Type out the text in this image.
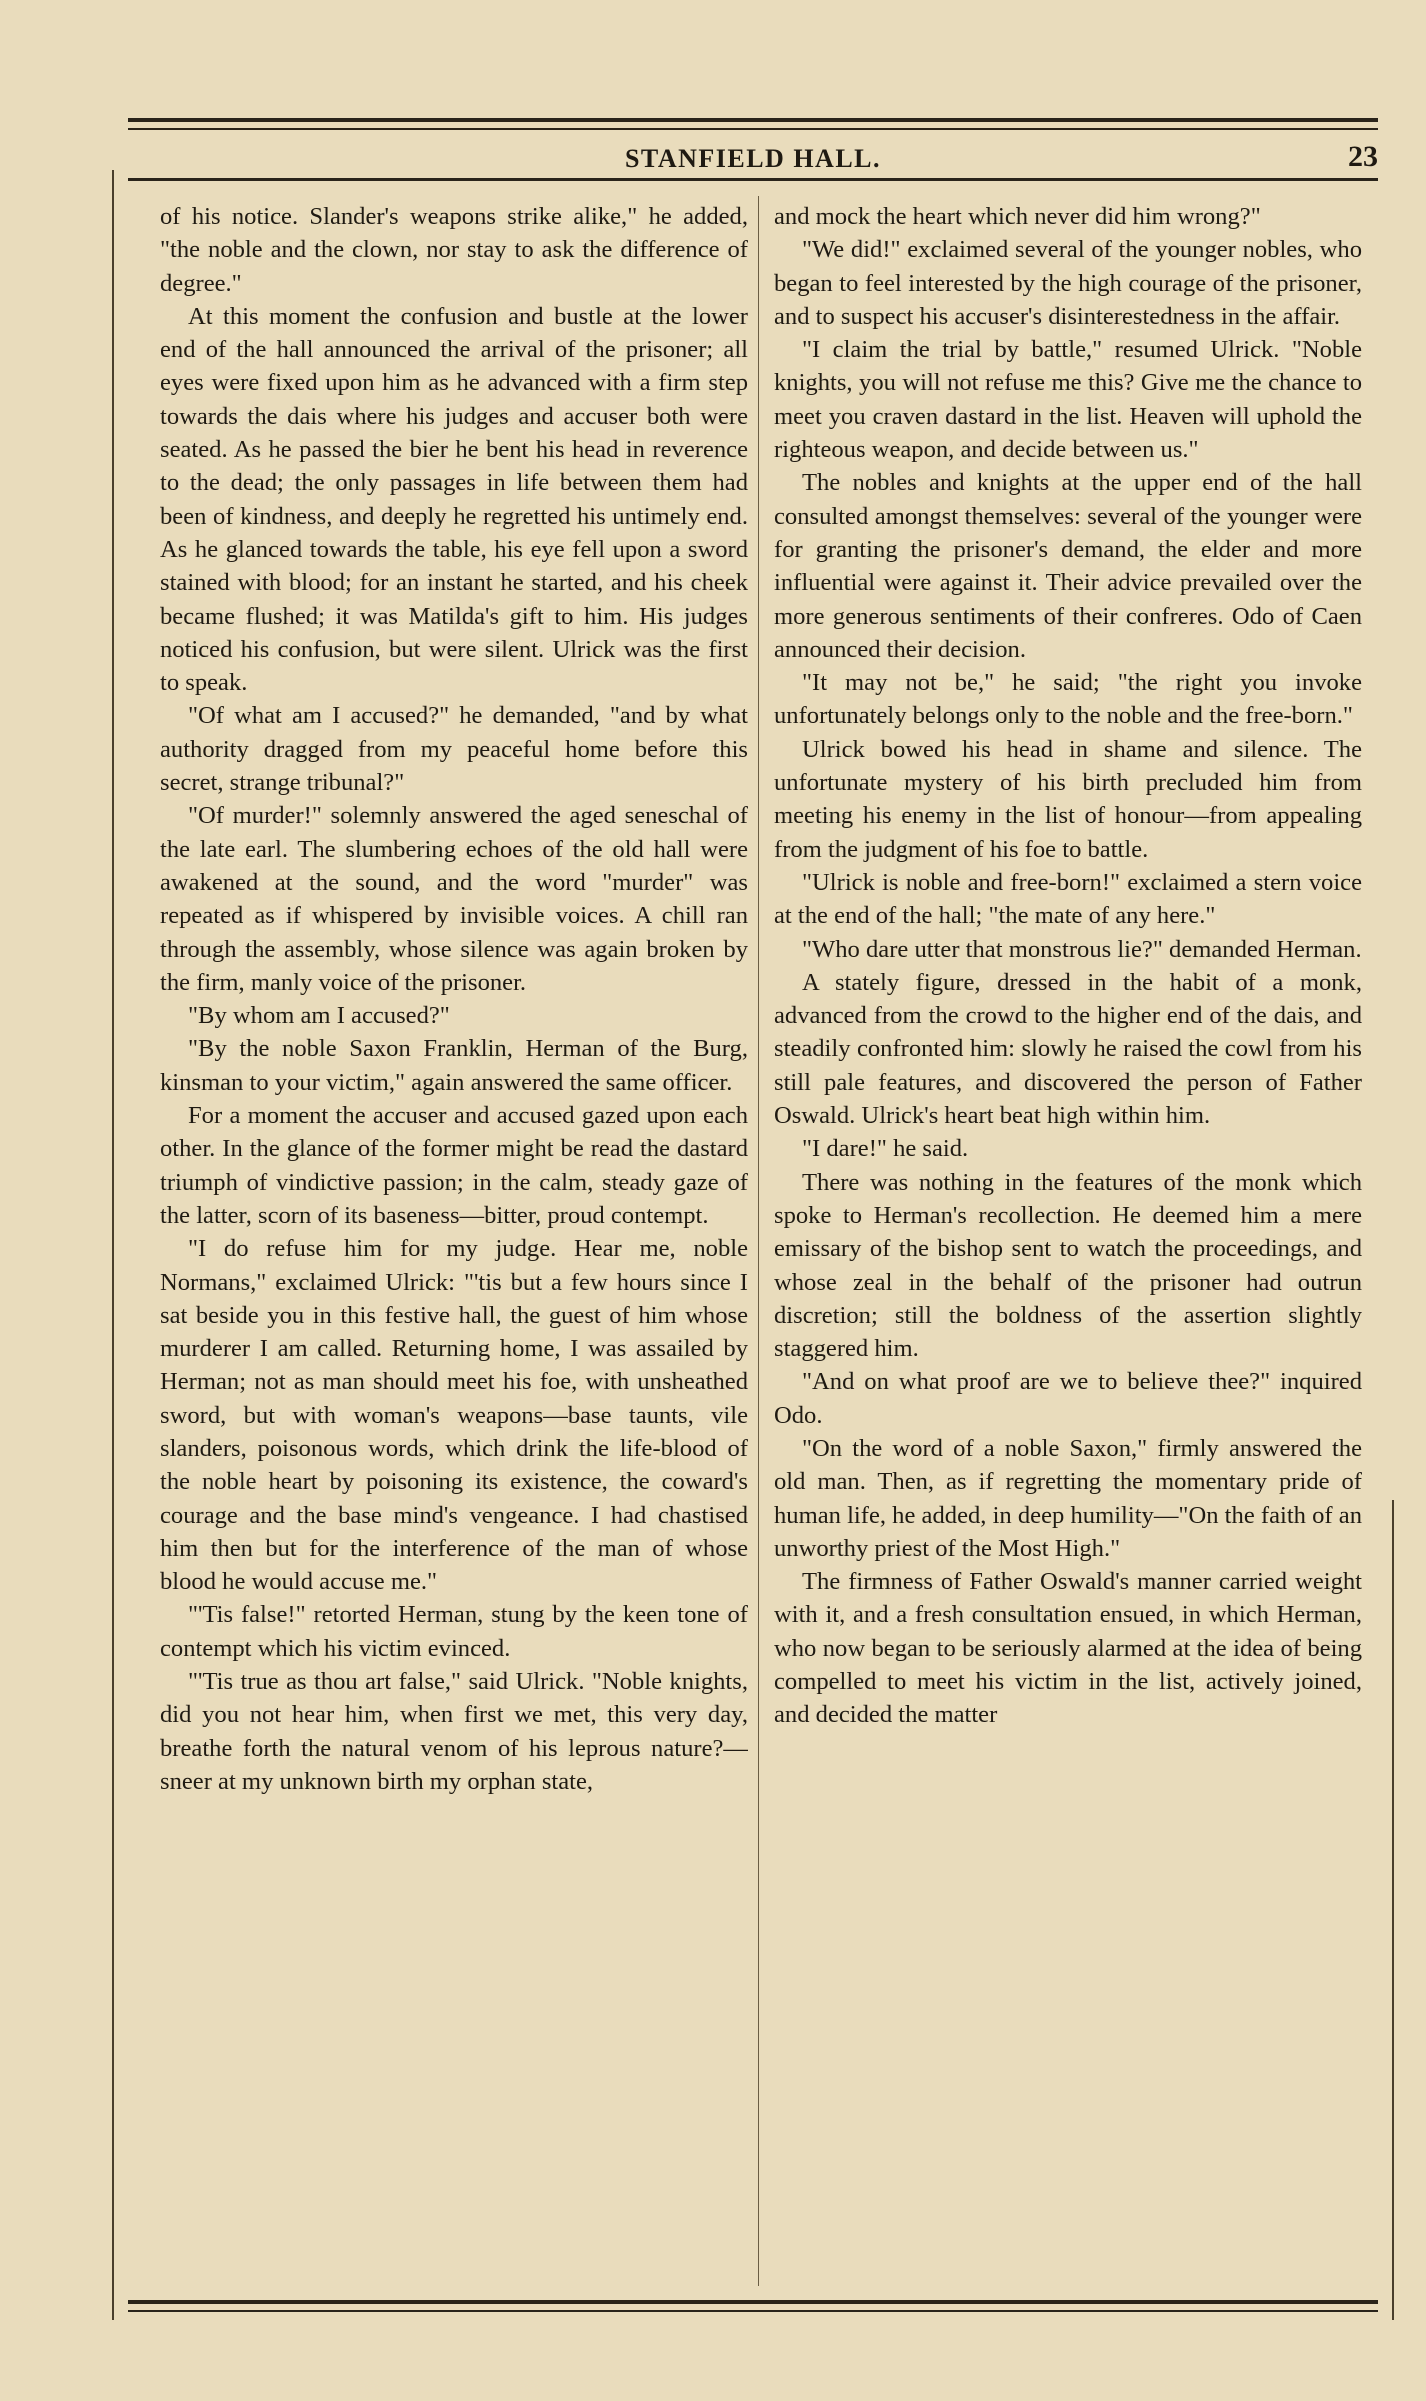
STANFIELD HALL.	23

of his notice. Slander's weapons strike alike," he added, "the noble and the clown, nor stay to ask the difference of degree."

At this moment the confusion and bustle at the lower end of the hall announced the arrival of the prisoner; all eyes were fixed upon him as he advanced with a firm step towards the dais where his judges and accuser both were seated. As he passed the bier he bent his head in reverence to the dead; the only passages in life between them had been of kindness, and deeply he regretted his untimely end. As he glanced towards the table, his eye fell upon a sword stained with blood; for an instant he started, and his cheek became flushed; it was Matilda's gift to him. His judges noticed his confusion, but were silent. Ulrick was the first to speak.

"Of what am I accused?" he demanded, "and by what authority dragged from my peaceful home before this secret, strange tribunal?"

"Of murder!" solemnly answered the aged seneschal of the late earl. The slumbering echoes of the old hall were awakened at the sound, and the word "murder" was repeated as if whispered by invisible voices. A chill ran through the assembly, whose silence was again broken by the firm, manly voice of the prisoner.

"By whom am I accused?"

"By the noble Saxon Franklin, Herman of the Burg, kinsman to your victim," again answered the same officer.

For a moment the accuser and accused gazed upon each other. In the glance of the former might be read the dastard triumph of vindictive passion; in the calm, steady gaze of the latter, scorn of its baseness—bitter, proud contempt.

"I do refuse him for my judge. Hear me, noble Normans," exclaimed Ulrick: "'tis but a few hours since I sat beside you in this festive hall, the guest of him whose murderer I am called. Returning home, I was assailed by Herman; not as man should meet his foe, with unsheathed sword, but with woman's weapons—base taunts, vile slanders, poisonous words, which drink the life-blood of the noble heart by poisoning its existence, the coward's courage and the base mind's vengeance. I had chastised him then but for the interference of the man of whose blood he would accuse me."

"'Tis false!" retorted Herman, stung by the keen tone of contempt which his victim evinced.

"'Tis true as thou art false," said Ulrick. "Noble knights, did you not hear him, when first we met, this very day, breathe forth the natural venom of his leprous nature?—sneer at my unknown birth my orphan state,

and mock the heart which never did him wrong?"

"We did!" exclaimed several of the younger nobles, who began to feel interested by the high courage of the prisoner, and to suspect his accuser's disinterestedness in the affair.

"I claim the trial by battle," resumed Ulrick. "Noble knights, you will not refuse me this? Give me the chance to meet you craven dastard in the list. Heaven will uphold the righteous weapon, and decide between us."

The nobles and knights at the upper end of the hall consulted amongst themselves: several of the younger were for granting the prisoner's demand, the elder and more influential were against it. Their advice prevailed over the more generous sentiments of their confreres. Odo of Caen announced their decision.

"It may not be," he said; "the right you invoke unfortunately belongs only to the noble and the free-born."

Ulrick bowed his head in shame and silence. The unfortunate mystery of his birth precluded him from meeting his enemy in the list of honour—from appealing from the judgment of his foe to battle.

"Ulrick is noble and free-born!" exclaimed a stern voice at the end of the hall; "the mate of any here."

"Who dare utter that monstrous lie?" demanded Herman.

A stately figure, dressed in the habit of a monk, advanced from the crowd to the higher end of the dais, and steadily confronted him: slowly he raised the cowl from his still pale features, and discovered the person of Father Oswald. Ulrick's heart beat high within him.

"I dare!" he said.

There was nothing in the features of the monk which spoke to Herman's recollection. He deemed him a mere emissary of the bishop sent to watch the proceedings, and whose zeal in the behalf of the prisoner had outrun discretion; still the boldness of the assertion slightly staggered him.

"And on what proof are we to believe thee?" inquired Odo.

"On the word of a noble Saxon," firmly answered the old man. Then, as if regretting the momentary pride of human life, he added, in deep humility—"On the faith of an unworthy priest of the Most High."

The firmness of Father Oswald's manner carried weight with it, and a fresh consultation ensued, in which Herman, who now began to be seriously alarmed at the idea of being compelled to meet his victim in the list, actively joined, and decided the matter
